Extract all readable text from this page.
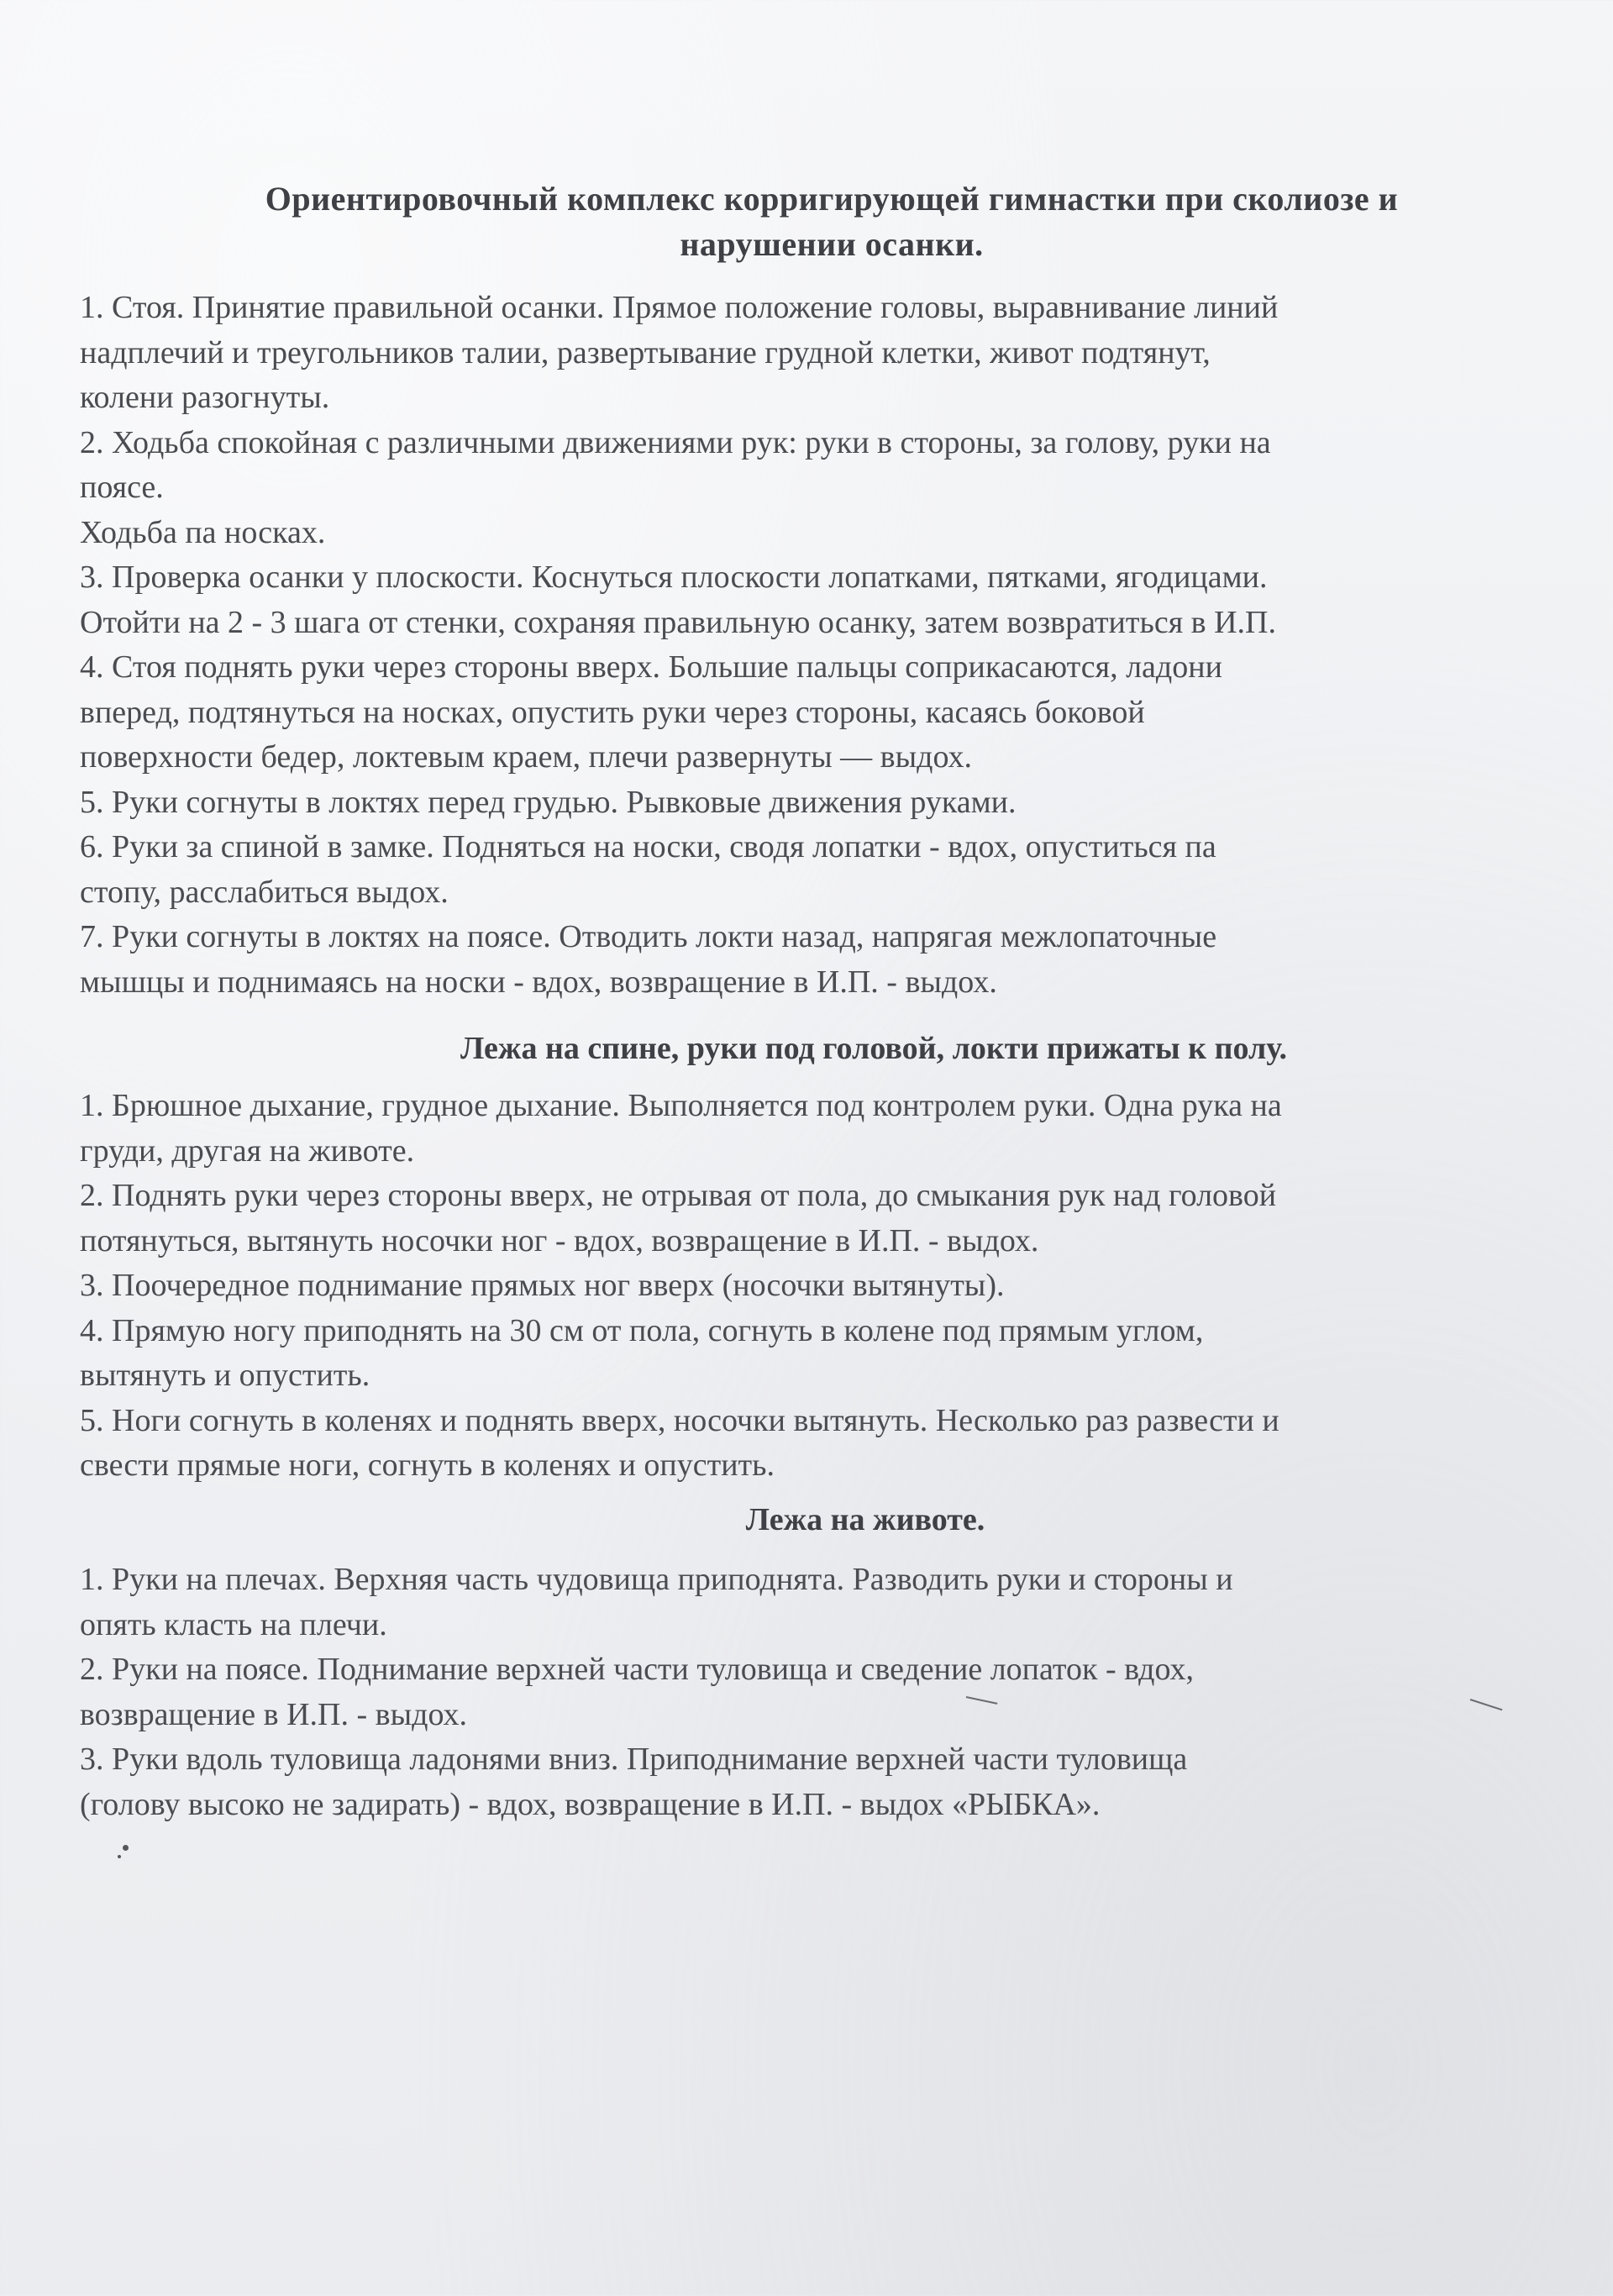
Ориентировочный комплекс корригирующей гимнастки при сколиозе и
нарушении осанки.
1. Стоя. Принятие правильной осанки. Прямое положение головы, выравнивание линий
надплечий и треугольников талии, развертывание грудной клетки, живот подтянут,
колени разогнуты.
2. Ходьба спокойная с различными движениями рук: руки в стороны, за голову, руки на
поясе.
Ходьба па носках.
3. Проверка осанки у плоскости. Коснуться плоскости лопатками, пятками, ягодицами.
Отойти на 2 - 3 шага от стенки, сохраняя правильную осанку, затем возвратиться в И.П.
4. Стоя поднять руки через стороны вверх. Большие пальцы соприкасаются, ладони
вперед, подтянуться на носках, опустить руки через стороны, касаясь боковой
поверхности бедер, локтевым краем, плечи развернуты — выдох.
5. Руки согнуты в локтях перед грудью. Рывковые движения руками.
6. Руки за спиной в замке. Подняться на носки, сводя лопатки - вдох, опуститься па
стопу, расслабиться выдох.
7. Руки согнуты в локтях на поясе. Отводить локти назад, напрягая межлопаточные
мышцы и поднимаясь на носки - вдох, возвращение в И.П. - выдох.
Лежа на спине, руки под головой, локти прижаты к полу.
1. Брюшное дыхание, грудное дыхание. Выполняется под контролем руки. Одна рука на
груди, другая на животе.
2. Поднять руки через стороны вверх, не отрывая от пола, до смыкания рук над головой
потянуться, вытянуть носочки ног - вдох, возвращение в И.П. - выдох.
3. Поочередное поднимание прямых ног вверх (носочки вытянуты).
4. Прямую ногу приподнять на 30 см от пола, согнуть в колене под прямым углом,
вытянуть и опустить.
5. Ноги согнуть в коленях и поднять вверх, носочки вытянуть. Несколько раз развести и
свести прямые ноги, согнуть в коленях и опустить.
Лежа на животе.
1. Руки на плечах. Верхняя часть чудовища приподнята. Разводить руки и стороны и
опять класть на плечи.
2. Руки на поясе. Поднимание верхней части туловища и сведение лопаток - вдох,
возвращение в И.П. - выдох.
3. Руки вдоль туловища ладонями вниз. Приподнимание верхней части туловища
(голову высоко не задирать) - вдох, возвращение в И.П. - выдох «РЫБКА».
